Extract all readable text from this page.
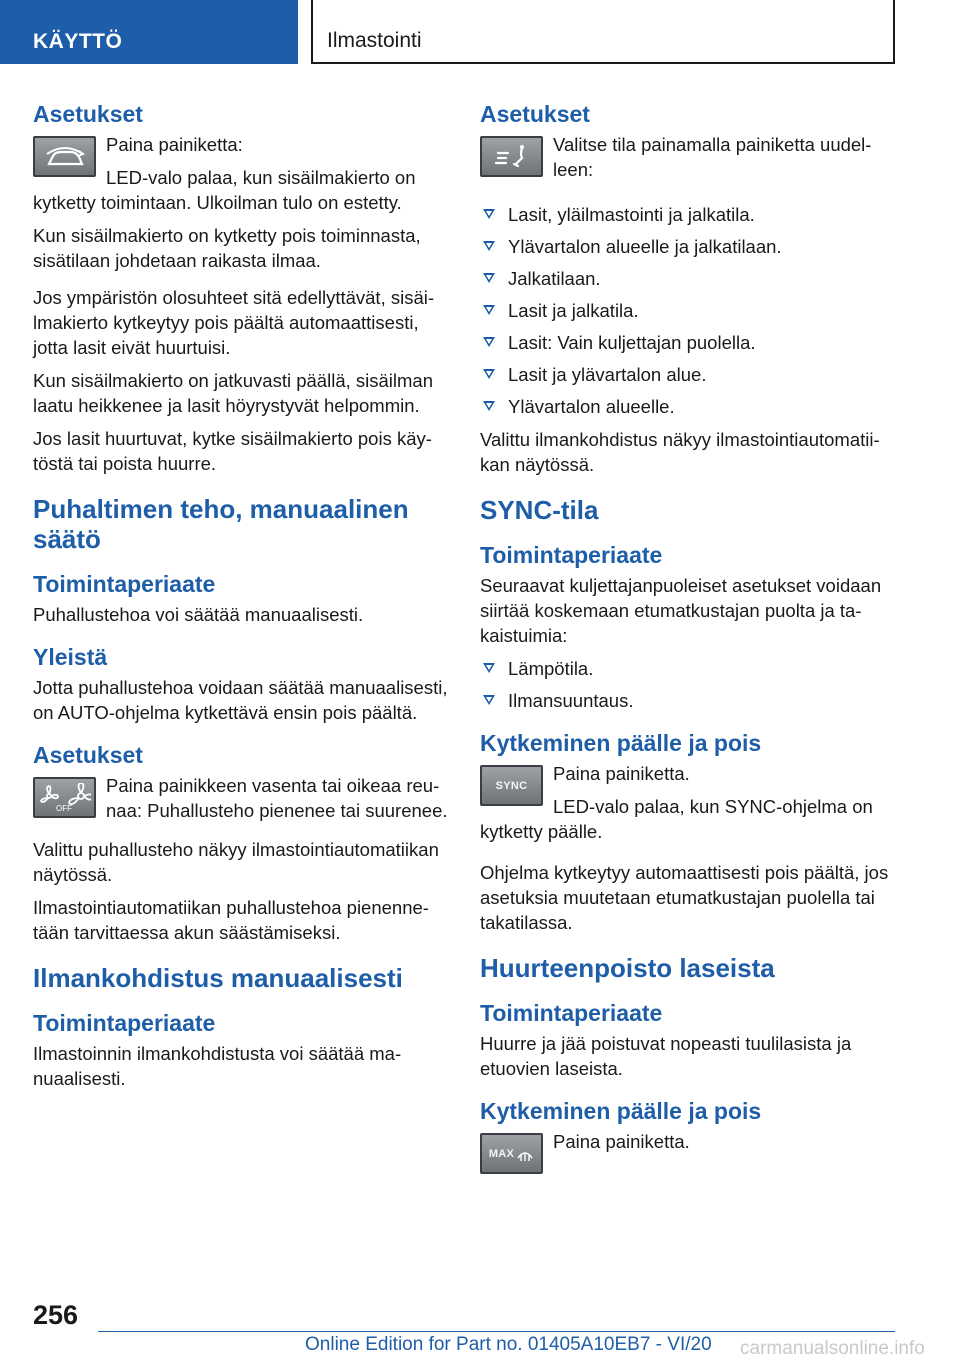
KÄYTTÖ	Ilmastointi
Asetukset
Paina painiketta:
LED-valo palaa, kun sisäilmakierto on kytketty toimintaan. Ulkoilman tulo on estetty.
Kun sisäilmakierto on kytketty pois toiminnasta, sisätilaan johdetaan raikasta ilmaa.
Jos ympäristön olosuhteet sitä edellyttävät, sisäilmakierto kytkeytyy pois päältä automaattisesti, jotta lasit eivät huurtuisi.
Kun sisäilmakierto on jatkuvasti päällä, sisäilman laatu heikkenee ja lasit höyrystyvät helpommin.
Jos lasit huurtuvat, kytke sisäilmakierto pois käytöstä tai poista huurre.
Puhaltimen teho, manuaalinen säätö
Toimintaperiaate
Puhallustehoa voi säätää manuaalisesti.
Yleistä
Jotta puhallustehoa voidaan säätää manuaalisesti, on AUTO-ohjelma kytkettävä ensin pois päältä.
Asetukset
OFF
Paina painikkeen vasenta tai oikeaa reunaa: Puhallusteho pienenee tai suurenee.
Valittu puhallusteho näkyy ilmastointiautomatiikan näytössä.
Ilmastointiautomatiikan puhallustehoa pienennetään tarvittaessa akun säästämiseksi.
Ilmankohdistus manuaalisesti
Toimintaperiaate
Ilmastoinnin ilmankohdistusta voi säätää manuaalisesti.
Asetukset
Valitse tila painamalla painiketta uudelleen:
Lasit, yläilmastointi ja jalkatila.
Ylävartalon alueelle ja jalkatilaan.
Jalkatilaan.
Lasit ja jalkatila.
Lasit: Vain kuljettajan puolella.
Lasit ja ylävartalon alue.
Ylävartalon alueelle.
Valittu ilmankohdistus näkyy ilmastointiautomatiikan näytössä.
SYNC-tila
Toimintaperiaate
Seuraavat kuljettajanpuoleiset asetukset voidaan siirtää koskemaan etumatkustajan puolta ja takaistuimia:
Lämpötila.
Ilmansuuntaus.
Kytkeminen päälle ja pois
SYNC
Paina painiketta.
LED-valo palaa, kun SYNC-ohjelma on kytketty päälle.
Ohjelma kytkeytyy automaattisesti pois päältä, jos asetuksia muutetaan etumatkustajan puolella tai takatilassa.
Huurteenpoisto laseista
Toimintaperiaate
Huurre ja jää poistuvat nopeasti tuulilasista ja etuovien laseista.
Kytkeminen päälle ja pois
MAX
Paina painiketta.
256
Online Edition for Part no. 01405A10EB7 - VI/20 carmanualsonline.info
